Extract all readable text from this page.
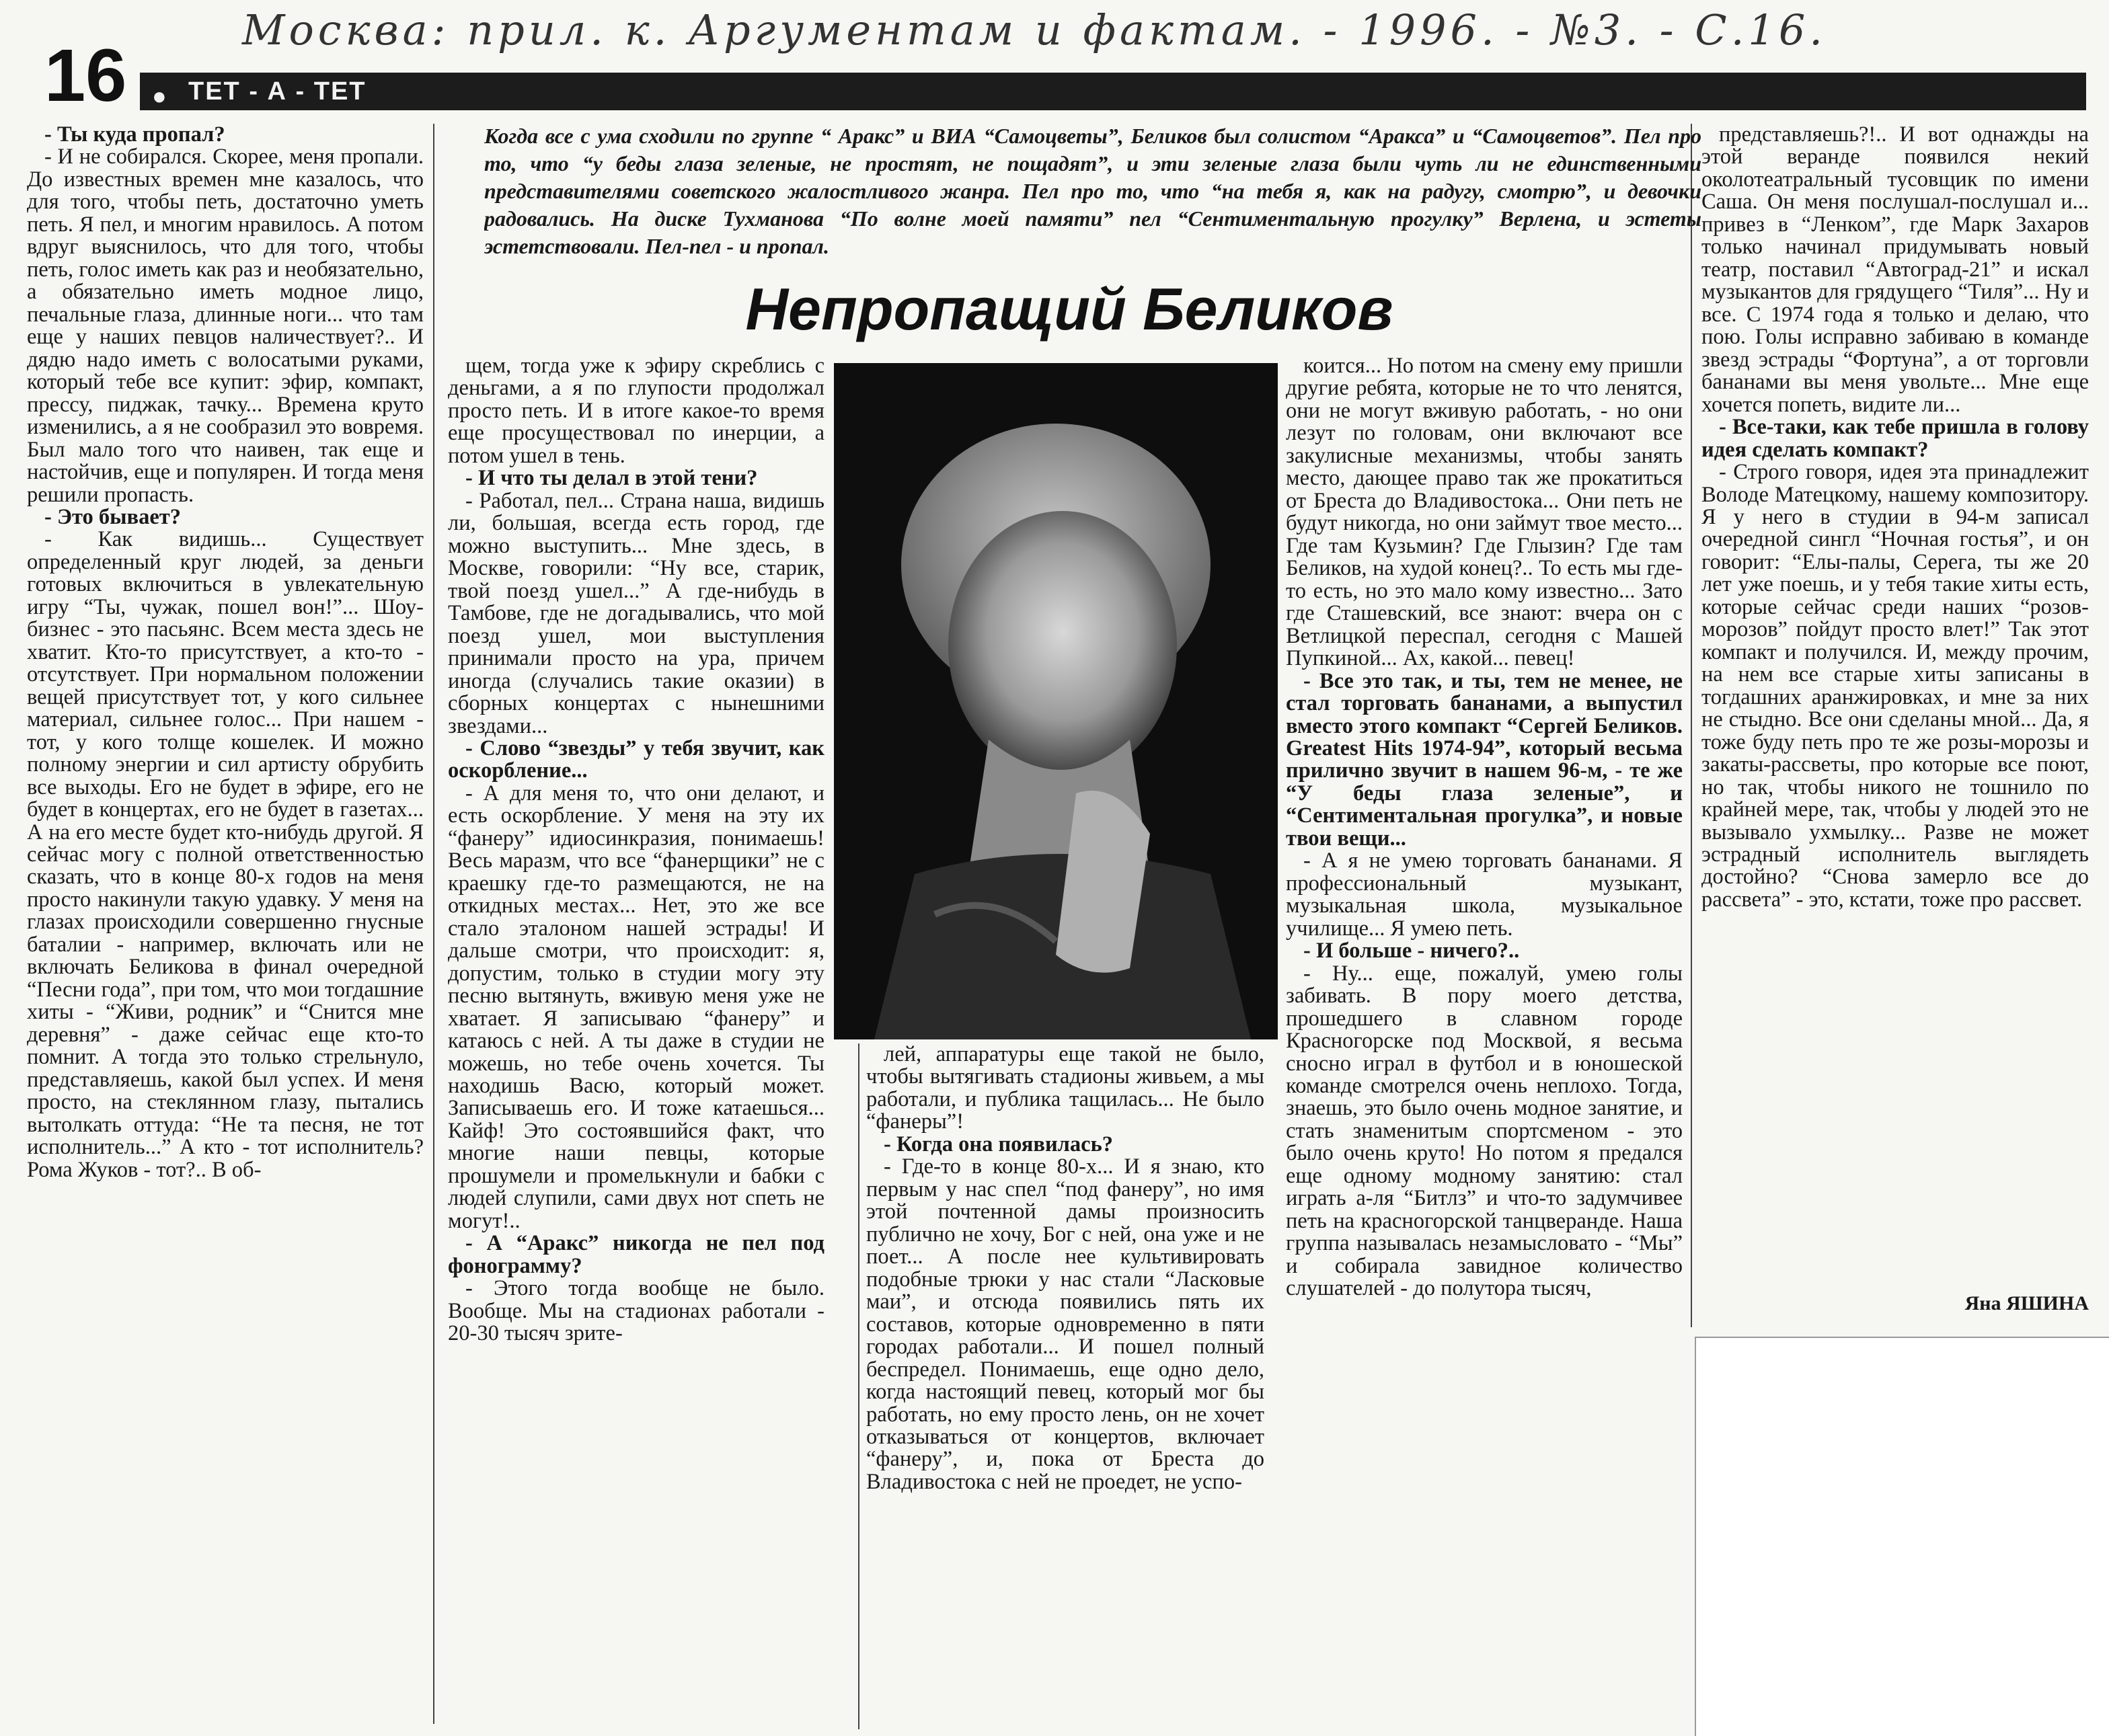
Москва: прил. к. Аргументам и фактам. - 1996. - №3. - С.16.
16 ● ТЕТ - А - ТЕТ
Когда все с ума сходили по группе “ Аракс” и ВИА “Самоцветы”, Беликов был солистом “Аракса” и “Самоцветов”. Пел про то, что “у беды глаза зеленые, не простят, не пощадят”, и эти зеленые глаза были чуть ли не единственными представителями советского жалостливого жанра. Пел про то, что “на тебя я, как на радугу, смотрю”, и девочки радовались. На диске Тухманова “По волне моей памяти” пел “Сентиментальную прогулку” Верлена, и эстеты эстетствовали. Пел-пел - и пропал.
Непропащий Беликов

- Ты куда пропал?

- И не собирался. Скорее, меня пропали. До известных времен мне казалось, что для того, чтобы петь, достаточно уметь петь. Я пел, и многим нравилось. А потом вдруг выяснилось, что для того, чтобы петь, голос иметь как раз и необязательно, а обязательно иметь модное лицо, печальные глаза, длинные ноги... что там еще у наших певцов наличествует?.. И дядю надо иметь с волосатыми руками, который тебе все купит: эфир, компакт, прессу, пиджак, тачку... Времена круто изменились, а я не сообразил это вовремя. Был мало того что наивен, так еще и настойчив, еще и популярен. И тогда меня решили пропасть.

- Это бывает?

- Как видишь... Существует определенный круг людей, за деньги готовых включиться в увлекательную игру “Ты, чужак, пошел вон!”... Шоу-бизнес - это пасьянс. Всем места здесь не хватит. Кто-то присутствует, а кто-то - отсутствует. При нормальном положении вещей присутствует тот, у кого сильнее материал, сильнее голос... При нашем - тот, у кого толще кошелек. И можно полному энергии и сил артисту обрубить все выходы. Его не будет в эфире, его не будет в концертах, его не будет в газетах... А на его месте будет кто-нибудь другой. Я сейчас могу с полной ответственностью сказать, что в конце 80-х годов на меня просто накинули такую удавку. У меня на глазах происходили совершенно гнусные баталии - например, включать или не включать Беликова в финал очередной “Песни года”, при том, что мои тогдашние хиты - “Живи, родник” и “Снится мне деревня” - даже сейчас еще кто-то помнит. А тогда это только стрельнуло, представляешь, какой был успех. И меня просто, на стеклянном глазу, пытались вытолкать оттуда: “Не та песня, не тот исполнитель...” А кто - тот исполнитель? Рома Жуков - тот?.. В об-

щем, тогда уже к эфиру скреблись с деньгами, а я по глупости продолжал просто петь. И в итоге какое-то время еще просуществовал по инерции, а потом ушел в тень.

- И что ты делал в этой тени?

- Работал, пел... Страна наша, видишь ли, большая, всегда есть город, где можно выступить... Мне здесь, в Москве, говорили: “Ну все, старик, твой поезд ушел...” А где-нибудь в Тамбове, где не догадывались, что мой поезд ушел, мои выступления принимали просто на ура, причем иногда (случались такие оказии) в сборных концертах с нынешними звездами...

- Слово “звезды” у тебя звучит, как оскорбление...

- А для меня то, что они делают, и есть оскорбление. У меня на эту их “фанеру” идиосинкразия, понимаешь! Весь маразм, что все “фанерщики” не с краешку где-то размещаются, не на откидных местах... Нет, это же все стало эталоном нашей эстрады! И дальше смотри, что происходит: я, допустим, только в студии могу эту песню вытянуть, вживую меня уже не хватает. Я записываю “фанеру” и катаюсь с ней. А ты даже в студии не можешь, но тебе очень хочется. Ты находишь Васю, который может. Записываешь его. И тоже катаешься... Кайф! Это состоявшийся факт, что многие наши певцы, которые прошумели и промелькнули и бабки с людей слупили, сами двух нот спеть не могут!..

- А “Аракс” никогда не пел под фонограмму?

- Этого тогда вообще не было. Вообще. Мы на стадионах работали - 20-30 тысяч зрите-

лей, аппаратуры еще такой не было, чтобы вытягивать стадионы живьем, а мы работали, и публика тащилась... Не было “фанеры”!

- Когда она появилась?

- Где-то в конце 80-х... И я знаю, кто первым у нас спел “под фанеру”, но имя этой почтенной дамы произносить публично не хочу, Бог с ней, она уже и не поет... А после нее культивировать подобные трюки у нас стали “Ласковые маи”, и отсюда появились пять их составов, которые одновременно в пяти городах работали... И пошел полный беспредел. Понимаешь, еще одно дело, когда настоящий певец, который мог бы работать, но ему просто лень, он не хочет отказываться от концертов, включает “фанеру”, и, пока от Бреста до Владивостока с ней не проедет, не успо-

коится... Но потом на смену ему пришли другие ребята, которые не то что ленятся, они не могут вживую работать, - но они лезут по головам, они включают все закулисные механизмы, чтобы занять место, дающее право так же прокатиться от Бреста до Владивостока... Они петь не будут никогда, но они займут твое место... Где там Кузьмин? Где Глызин? Где там Беликов, на худой конец?.. То есть мы где-то есть, но это мало кому известно... Зато где Сташевский, все знают: вчера он с Ветлицкой переспал, сегодня с Машей Пупкиной... Ах, какой... певец!

- Все это так, и ты, тем не менее, не стал торговать бананами, а выпустил вместо этого компакт “Сергей Беликов. Greatest Hits 1974-94”, который весьма прилично звучит в нашем 96-м, - те же “У беды глаза зеленые”, и “Сентиментальная прогулка”, и новые твои вещи...

- А я не умею торговать бананами. Я профессиональный музыкант, музыкальная школа, музыкальное училище... Я умею петь.

- И больше - ничего?..

- Ну... еще, пожалуй, умею голы забивать. В пору моего детства, прошедшего в славном городе Красногорске под Москвой, я весьма сносно играл в футбол и в юношеской команде смотрелся очень неплохо. Тогда, знаешь, это было очень модное занятие, и стать знаменитым спортсменом - это было очень круто! Но потом я предался еще одному модному занятию: стал играть а-ля “Битлз” и что-то задумчивее петь на красногорской танцверанде. Наша группа называлась незамысловато - “Мы” и собирала завидное количество слушателей - до полутора тысяч,

представляешь?!.. И вот однажды на этой веранде появился некий околотеатральный тусовщик по имени Саша. Он меня послушал-послушал и... привез в “Ленком”, где Марк Захаров только начинал придумывать новый театр, поставил “Автоград-21” и искал музыкантов для грядущего “Тиля”... Ну и все. С 1974 года я только и делаю, что пою. Голы исправно забиваю в команде звезд эстрады “Фортуна”, а от торговли бананами вы меня увольте... Мне еще хочется попеть, видите ли...

- Все-таки, как тебе пришла в голову идея сделать компакт?

- Строго говоря, идея эта принадлежит Володе Матецкому, нашему композитору. Я у него в студии в 94-м записал очередной сингл “Ночная гостья”, и он говорит: “Елы-палы, Серега, ты же 20 лет уже поешь, и у тебя такие хиты есть, которые сейчас среди наших “розов-морозов” пойдут просто влет!” Так этот компакт и получился. И, между прочим, на нем все старые хиты записаны в тогдашних аранжировках, и мне за них не стыдно. Все они сделаны мной... Да, я тоже буду петь про те же розы-морозы и закаты-рассветы, про которые все поют, но так, чтобы никого не тошнило по крайней мере, так, чтобы у людей это не вызывало ухмылку... Разве не может эстрадный исполнитель выглядеть достойно? “Снова замерло все до рассвета” - это, кстати, тоже про рассвет.

Яна ЯШИНА
